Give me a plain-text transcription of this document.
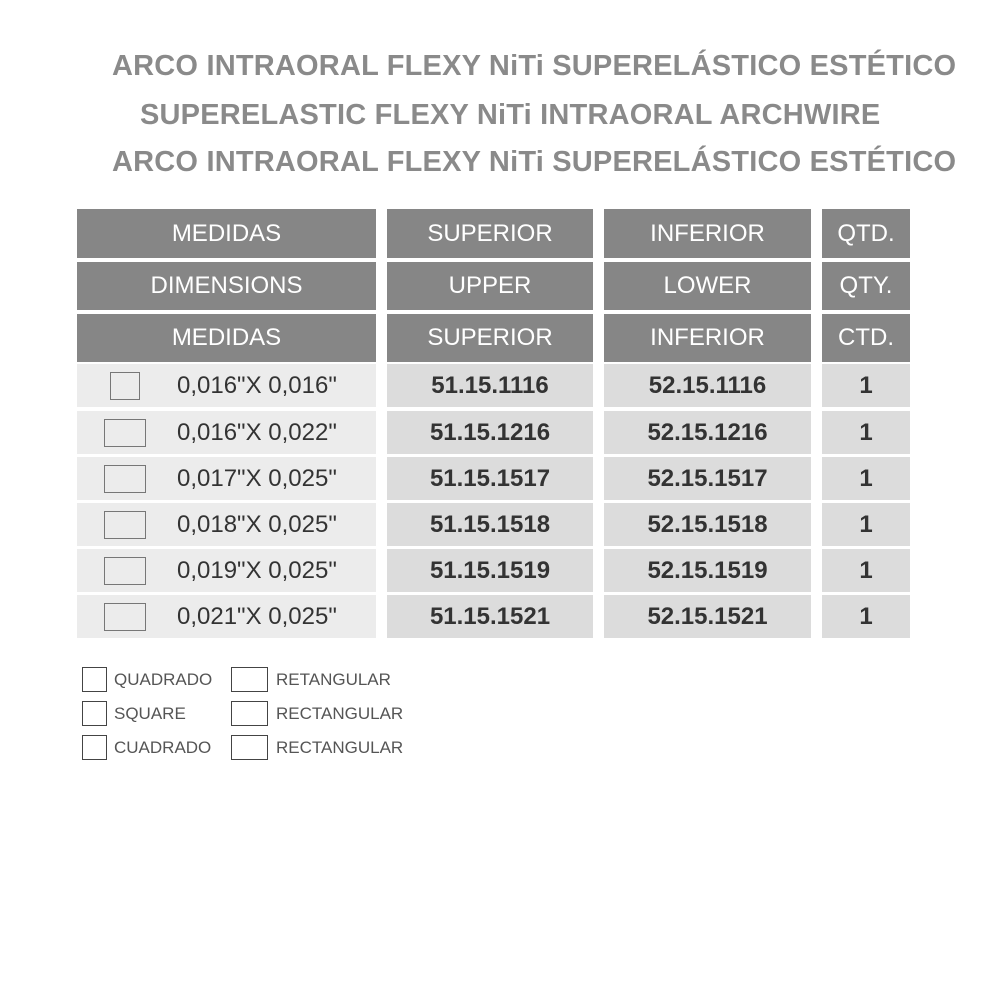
ARCO INTRAORAL FLEXY NiTi SUPERELÁSTICO ESTÉTICO
SUPERELASTIC FLEXY NiTi INTRAORAL ARCHWIRE
ARCO INTRAORAL FLEXY NiTi SUPERELÁSTICO ESTÉTICO
MEDIDAS	SUPERIOR	INFERIOR	QTD.
DIMENSIONS	UPPER	LOWER	QTY.
MEDIDAS	SUPERIOR	INFERIOR	CTD.
0,016"X 0,016"	51.15.1116	52.15.1116	1
0,016"X 0,022"	51.15.1216	52.15.1216	1
0,017"X 0,025"	51.15.1517	52.15.1517	1
0,018"X 0,025"	51.15.1518	52.15.1518	1
0,019"X 0,025"	51.15.1519	52.15.1519	1
0,021"X 0,025"	51.15.1521	52.15.1521	1
QUADRADO
SQUARE
CUADRADO
RETANGULAR
RECTANGULAR
RECTANGULAR
